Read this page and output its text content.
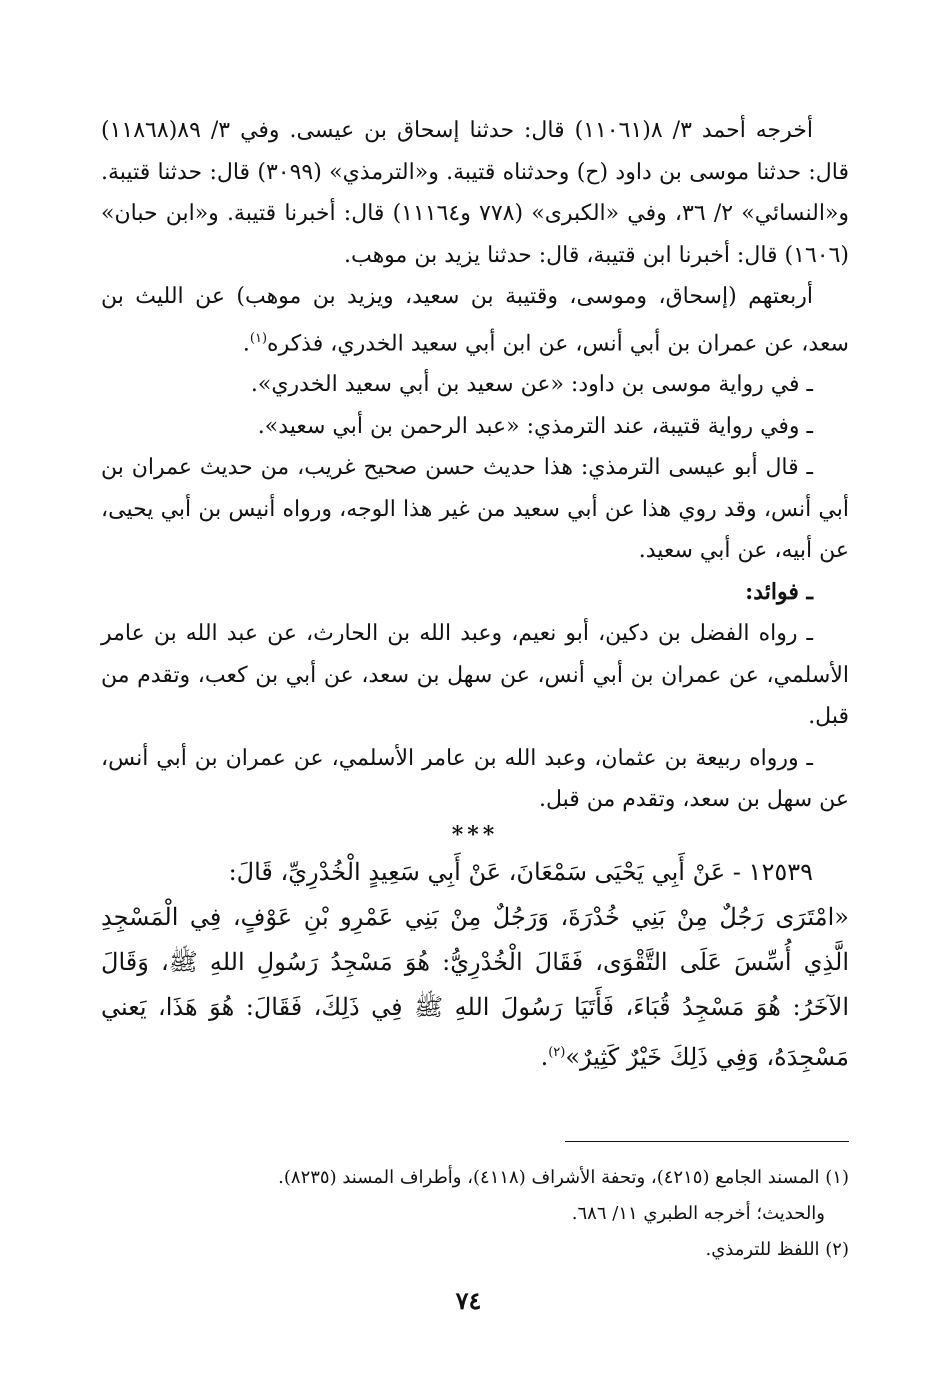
أخرجه أحمد ٣/ ٨(١١٠٦١) قال: حدثنا إسحاق بن عيسى. وفي ٣/ ٨٩(١١٨٦٨) قال: حدثنا موسى بن داود (ح) وحدثناه قتيبة. و«الترمذي» (٣٠٩٩) قال: حدثنا قتيبة. و«النسائي» ٢/ ٣٦، وفي «الكبرى» (٧٧٨ و١١١٦٤) قال: أخبرنا قتيبة. و«ابن حبان» (١٦٠٦) قال: أخبرنا ابن قتيبة، قال: حدثنا يزيد بن موهب.

أربعتهم (إسحاق، وموسى، وقتيبة بن سعيد، ويزيد بن موهب) عن الليث بن سعد، عن عمران بن أبي أنس، عن ابن أبي سعيد الخدري، فذكره$^{(١)}$.

ـ في رواية موسى بن داود: «عن سعيد بن أبي سعيد الخدري».

ـ وفي رواية قتيبة، عند الترمذي: «عبد الرحمن بن أبي سعيد».

ـ قال أبو عيسى الترمذي: هذا حديث حسن صحيح غريب، من حديث عمران بن أبي أنس، وقد روي هذا عن أبي سعيد من غير هذا الوجه، ورواه أنيس بن أبي يحيى، عن أبيه، عن أبي سعيد.

ـ فوائد:

ـ رواه الفضل بن دكين، أبو نعيم، وعبد الله بن الحارث، عن عبد الله بن عامر الأسلمي، عن عمران بن أبي أنس، عن سهل بن سعد، عن أبي بن كعب، وتقدم من قبل.

ـ ورواه ربيعة بن عثمان، وعبد الله بن عامر الأسلمي، عن عمران بن أبي أنس، عن سهل بن سعد، وتقدم من قبل.

***

١٢٥٣٩ - عَنْ أَبِي يَحْيَى سَمْعَانَ، عَنْ أَبِي سَعِيدٍ الْخُدْرِيِّ، قَالَ:

«امْتَرَى رَجُلٌ مِنْ بَنِي خُدْرَةَ، وَرَجُلٌ مِنْ بَنِي عَمْرِو بْنِ عَوْفٍ، فِي الْمَسْجِدِ الَّذِي أُسِّسَ عَلَى التَّقْوَى، فَقَالَ الْخُدْرِيُّ: هُوَ مَسْجِدُ رَسُولِ اللهِ ﷺ، وَقَالَ الآخَرُ: هُوَ مَسْجِدُ قُبَاءَ، فَأَتَيَا رَسُولَ اللهِ ﷺ فِي ذَلِكَ، فَقَالَ: هُوَ هَذَا، يَعني مَسْجِدَهُ، وَفِي ذَلِكَ خَيْرٌ كَثِيرٌ»$^{(٢)}$.

(١) المسند الجامع (٤٢١٥)، وتحفة الأشراف (٤١١٨)، وأطراف المسند (٨٢٣٥).

والحديث؛ أخرجه الطبري ١١/ ٦٨٦.

(٢) اللفظ للترمذي.

٧٤
